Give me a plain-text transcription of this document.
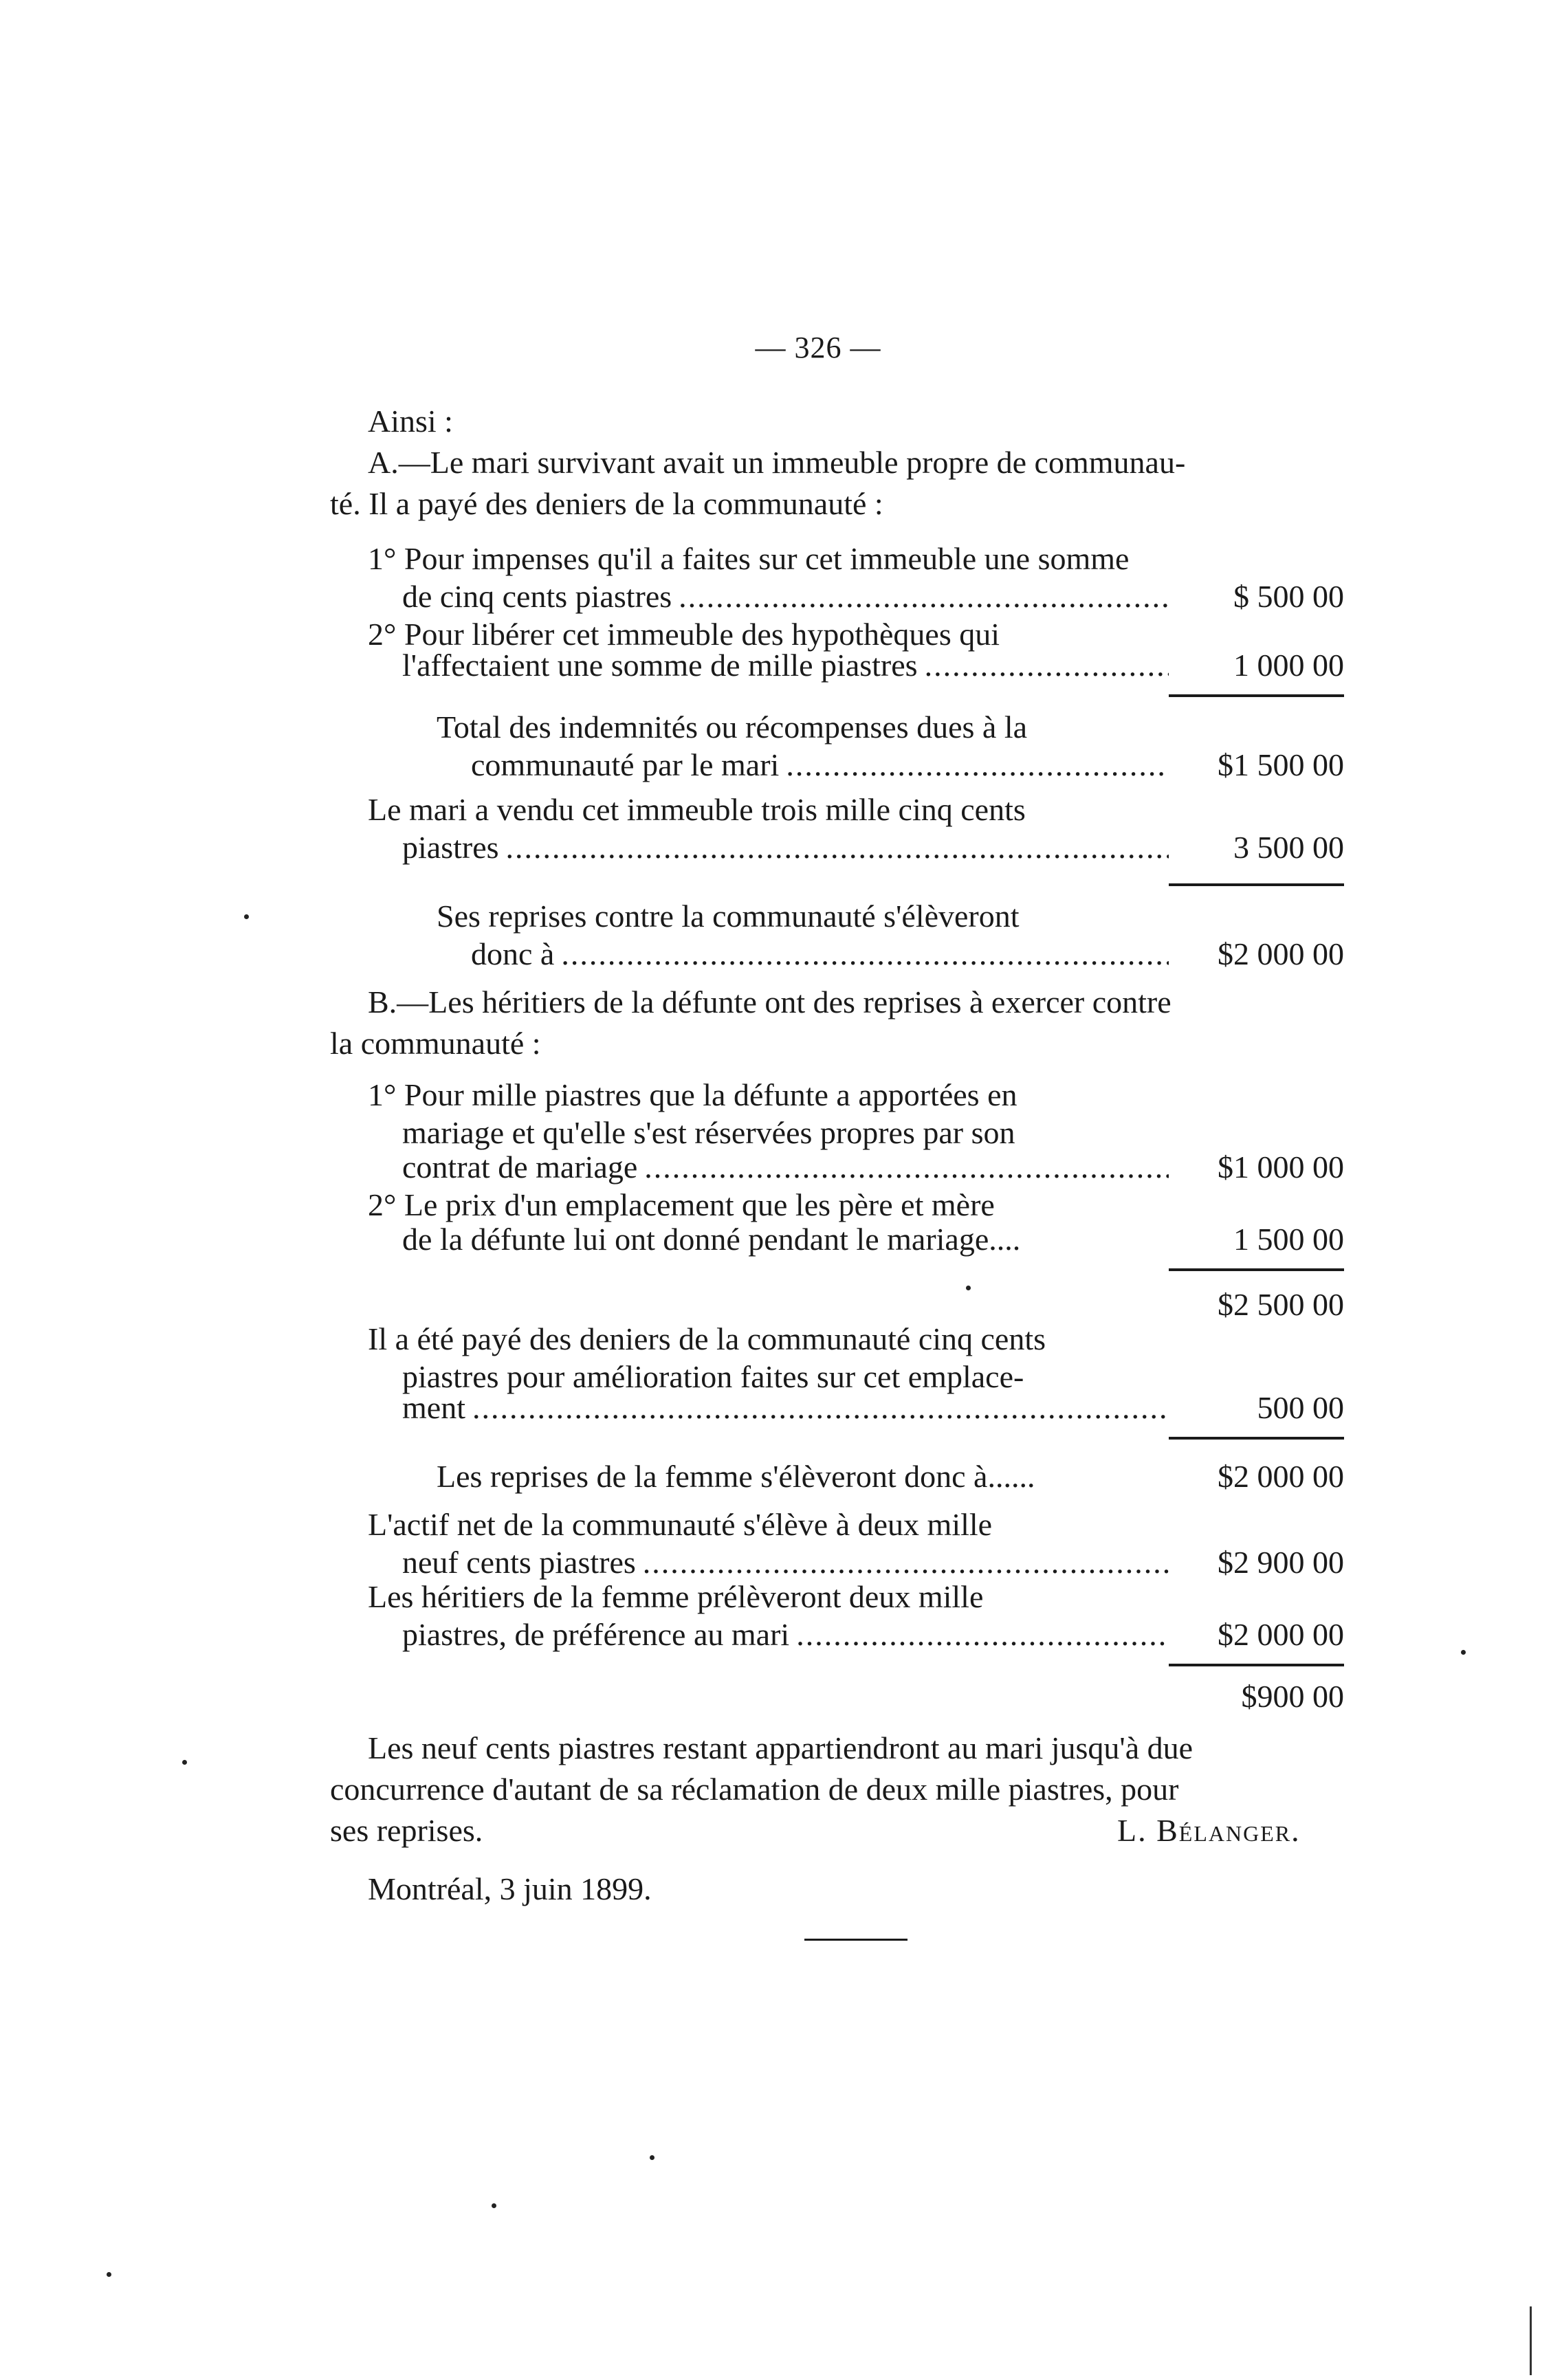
— 326 —
Ainsi :
A.—Le mari survivant avait un immeuble propre de communau-
té. Il a payé des deniers de la communauté :
1° Pour impenses qu'il a faites sur cet immeuble une somme
de cinq cents piastres .....	$ 500 00
2° Pour libérer cet immeuble des hypothèques qui
l'affectaient une somme de mille piastres .....	1 000 00
Total des indemnités ou récompenses dues à la
communauté par le mari .....	$1 500 00
Le mari a vendu cet immeuble trois mille cinq cents
piastres .....	3 500 00
Ses reprises contre la communauté s'élèveront
donc à .....	$2 000 00
B.—Les héritiers de la défunte ont des reprises à exercer contre
la communauté :
1° Pour mille piastres que la défunte a apportées en
mariage et qu'elle s'est réservées propres par son
contrat de mariage .....	$1 000 00
2° Le prix d'un emplacement que les père et mère
de la défunte lui ont donné pendant le mariage....	1 500 00
$2 500 00
Il a été payé des deniers de la communauté cinq cents
piastres pour amélioration faites sur cet emplace-
ment .....	500 00
Les reprises de la femme s'élèveront donc à......	$2 000 00
L'actif net de la communauté s'élève à deux mille
neuf cents piastres .....	$2 900 00
Les héritiers de la femme prélèveront deux mille
piastres, de préférence au mari .....	$2 000 00
$900 00
Les neuf cents piastres restant appartiendront au mari jusqu'à due
concurrence d'autant de sa réclamation de deux mille piastres, pour
ses reprises.	L. Bélanger.
Montréal, 3 juin 1899.
